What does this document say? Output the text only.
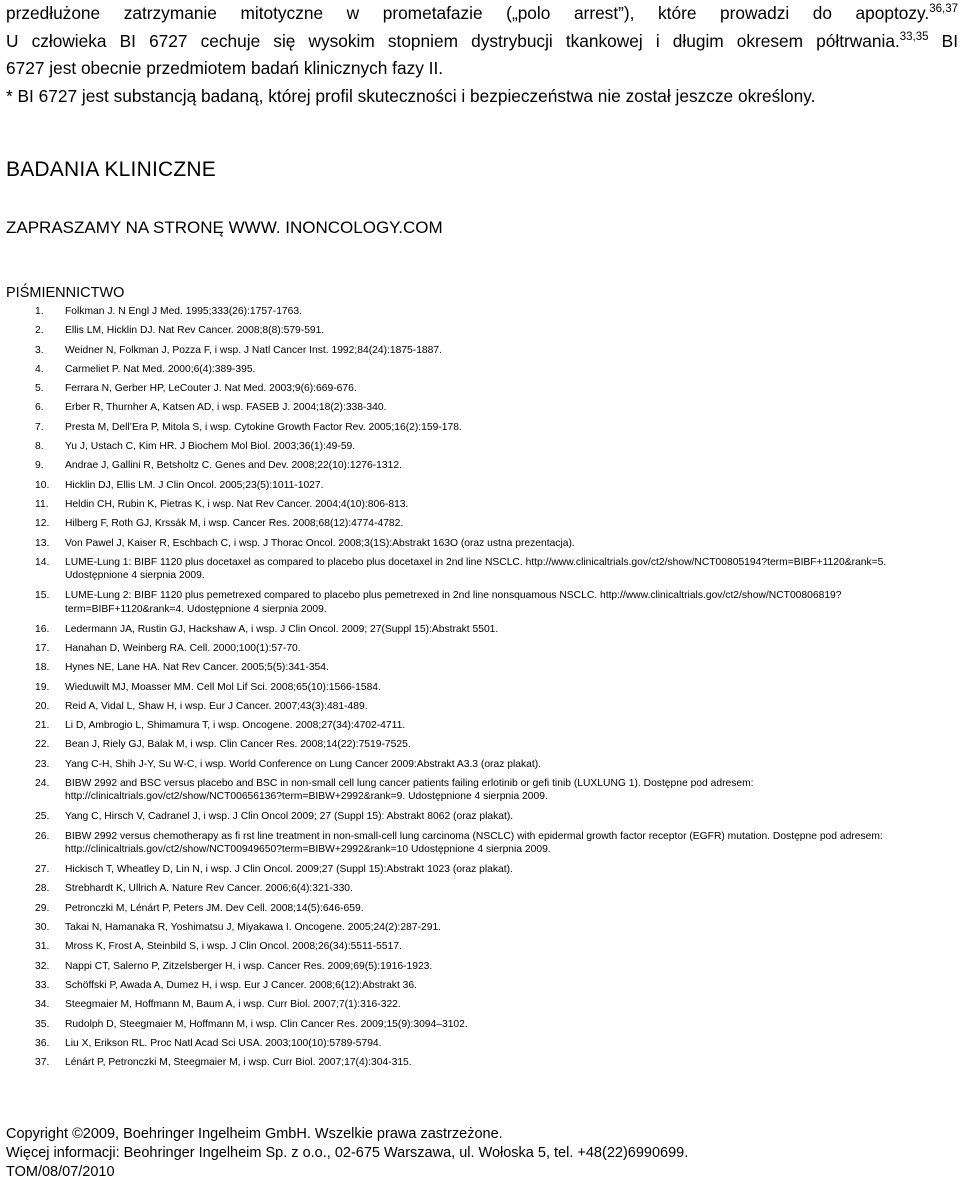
przedłużone zatrzymanie mitotyczne w prometafazie („polo arrest”), które prowadzi do apoptozy.$^{36,37}$
U człowieka BI 6727 cechuje się wysokim stopniem dystrybucji tkankowej i długim okresem półtrwania.$^{33,35}$ BI
6727 jest obecnie przedmiotem badań klinicznych fazy II.

* BI 6727 jest substancją badaną, której profil skuteczności i bezpieczeństwa nie został jeszcze określony.

BADANIA KLINICZNE
ZAPRASZAMY NA STRONĘ WWW. INONCOLOGY.COM
PIŚMIENNICTWO
1.	Folkman J. N Engl J Med. 1995;333(26):1757-1763.
2.	Ellis LM, Hicklin DJ. Nat Rev Cancer. 2008;8(8):579-591.
3.	Weidner N, Folkman J, Pozza F, i wsp. J Natl Cancer Inst. 1992;84(24):1875-1887.
4.	Carmeliet P. Nat Med. 2000;6(4):389-395.
5.	Ferrara N, Gerber HP, LeCouter J. Nat Med. 2003;9(6):669-676.
6.	Erber R, Thurnher A, Katsen AD, i wsp. FASEB J. 2004;18(2):338-340.
7.	Presta M, Dell’Era P, Mitola S, i wsp. Cytokine Growth Factor Rev. 2005;16(2):159-178.
8.	Yu J, Ustach C, Kim HR. J Biochem Mol Biol. 2003;36(1):49-59.
9.	Andrae J, Gallini R, Betsholtz C. Genes and Dev. 2008;22(10):1276-1312.
10.	Hicklin DJ, Ellis LM. J Clin Oncol. 2005;23(5):1011-1027.
11.	Heldin CH, Rubin K, Pietras K, i wsp. Nat Rev Cancer. 2004;4(10):806-813.
12.	Hilberg F, Roth GJ, Krssák M, i wsp. Cancer Res. 2008;68(12):4774-4782.
13.	Von Pawel J, Kaiser R, Eschbach C, i wsp. J Thorac Oncol. 2008;3(1S):Abstrakt 163O (oraz ustna prezentacja).
14.	LUME-Lung 1: BIBF 1120 plus docetaxel as compared to placebo plus docetaxel in 2nd line NSCLC. http://www.clinicaltrials.gov/ct2/show/NCT00805194?term=BIBF+1120&rank=5. Udostępnione 4 sierpnia 2009.
15.	LUME-Lung 2: BIBF 1120 plus pemetrexed compared to placebo plus pemetrexed in 2nd line nonsquamous NSCLC. http://www.clinicaltrials.gov/ct2/show/NCT00806819?term=BIBF+1120&rank=4. Udostępnione 4 sierpnia 2009.
16.	Ledermann JA, Rustin GJ, Hackshaw A, i wsp. J Clin Oncol. 2009; 27(Suppl 15):Abstrakt 5501.
17.	Hanahan D, Weinberg RA. Cell. 2000;100(1):57-70.
18.	Hynes NE, Lane HA. Nat Rev Cancer. 2005;5(5):341-354.
19.	Wieduwilt MJ, Moasser MM. Cell Mol Lif Sci. 2008;65(10):1566-1584.
20.	Reid A, Vidal L, Shaw H, i wsp. Eur J Cancer. 2007;43(3):481-489.
21.	Li D, Ambrogio L, Shimamura T, i wsp. Oncogene. 2008;27(34):4702-4711.
22.	Bean J, Riely GJ, Balak M, i wsp. Clin Cancer Res. 2008;14(22):7519-7525.
23.	Yang C-H, Shih J-Y, Su W-C, i wsp. World Conference on Lung Cancer 2009:Abstrakt A3.3 (oraz plakat).
24.	BIBW 2992 and BSC versus placebo and BSC in non-small cell lung cancer patients failing erlotinib or gefi tinib (LUXLUNG 1). Dostępne pod adresem: http://clinicaltrials.gov/ct2/show/NCT00656136?term=BIBW+2992&rank=9. Udostępnione 4 sierpnia 2009.
25.	Yang C, Hirsch V, Cadranel J, i wsp. J Clin Oncol 2009; 27 (Suppl 15): Abstrakt 8062 (oraz plakat).
26.	BIBW 2992 versus chemotherapy as fi rst line treatment in non-small-cell lung carcinoma (NSCLC) with epidermal growth factor receptor (EGFR) mutation. Dostępne pod adresem: http://clinicaltrials.gov/ct2/show/NCT00949650?term=BIBW+2992&rank=10 Udostępnione 4 sierpnia 2009.
27.	Hickisch T, Wheatley D, Lin N, i wsp. J Clin Oncol. 2009;27 (Suppl 15):Abstrakt 1023 (oraz plakat).
28.	Strebhardt K, Ullrich A. Nature Rev Cancer. 2006;6(4):321-330.
29.	Petronczki M, Lénárt P, Peters JM. Dev Cell. 2008;14(5):646-659.
30.	Takai N, Hamanaka R, Yoshimatsu J, Miyakawa I. Oncogene. 2005;24(2):287-291.
31.	Mross K, Frost A, Steinbild S, i wsp. J Clin Oncol. 2008;26(34):5511-5517.
32.	Nappi CT, Salerno P, Zitzelsberger H, i wsp. Cancer Res. 2009;69(5):1916-1923.
33.	Schöffski P, Awada A, Dumez H, i wsp. Eur J Cancer. 2008;6(12):Abstrakt 36.
34.	Steegmaier M, Hoffmann M, Baum A, i wsp. Curr Biol. 2007;7(1):316-322.
35.	Rudolph D, Steegmaier M, Hoffmann M, i wsp. Clin Cancer Res. 2009;15(9):3094–3102.
36.	Liu X, Erikson RL. Proc Natl Acad Sci USA. 2003;100(10):5789-5794.
37.	Lénárt P, Petronczki M, Steegmaier M, i wsp. Curr Biol. 2007;17(4):304-315.
Copyright ©2009, Boehringer Ingelheim GmbH. Wszelkie prawa zastrzeżone.
Więcej informacji: Beohringer Ingelheim Sp. z o.o., 02-675 Warszawa, ul. Wołoska 5, tel. +48(22)6990699.
TOM/08/07/2010
